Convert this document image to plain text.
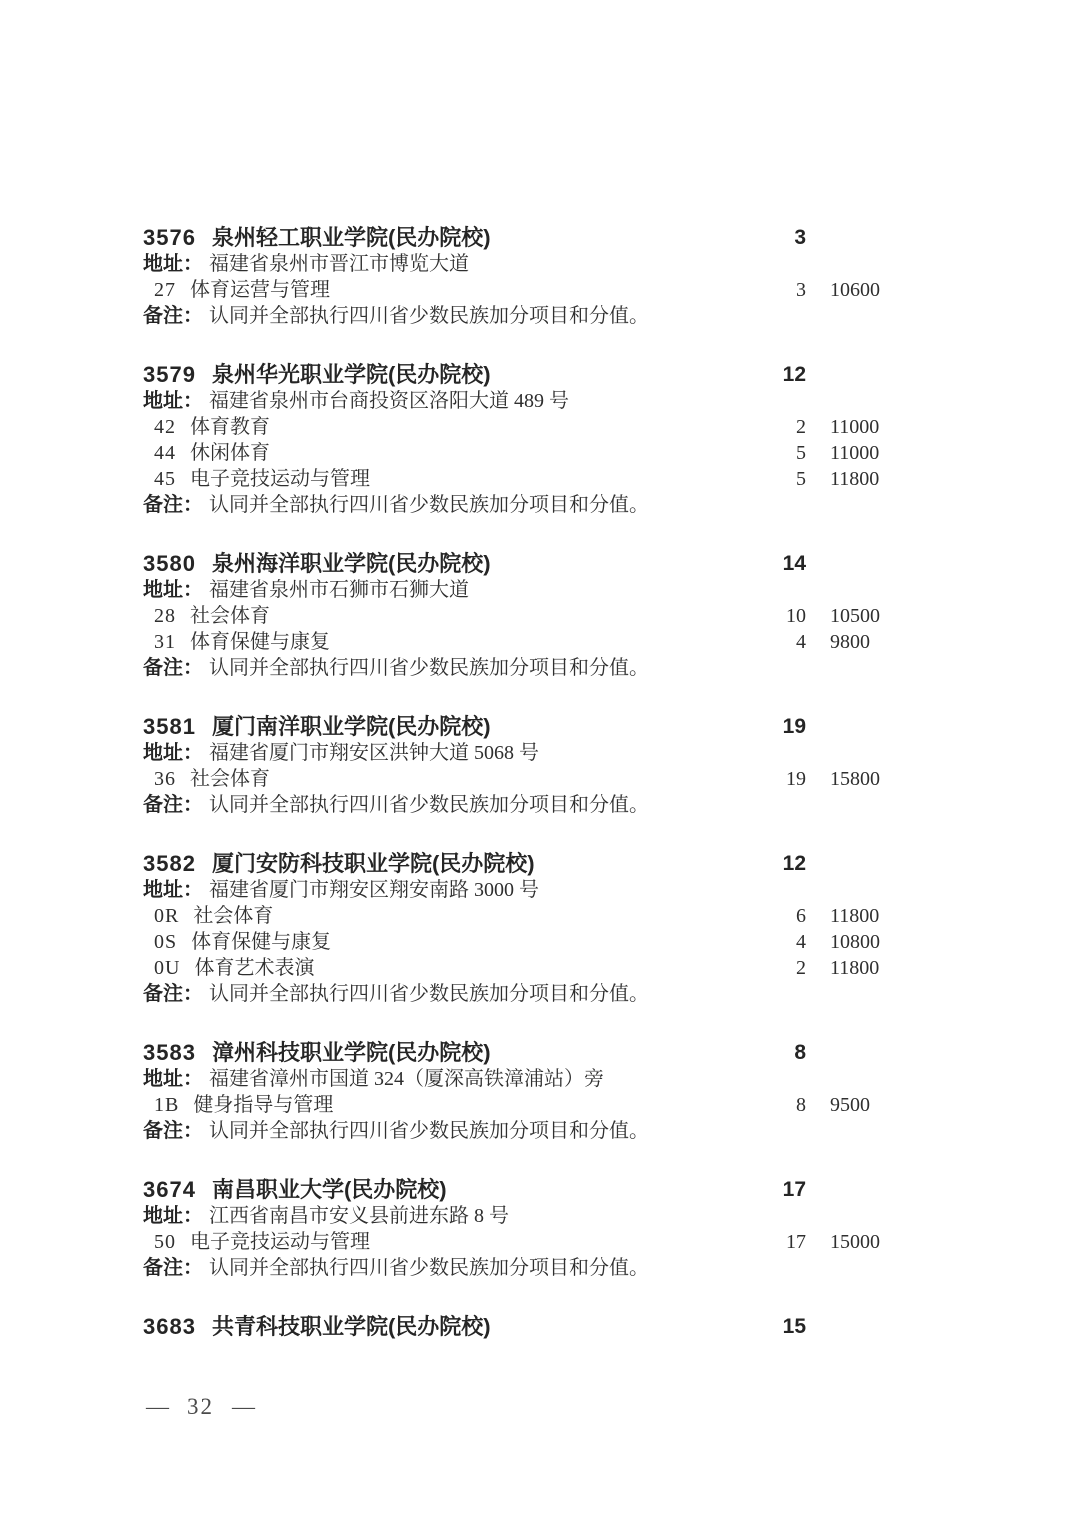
3576 泉州轻工职业学院(民办院校)	3
地址： 福建省泉州市晋江市博览大道
27 体育运营与管理	3 10600
备注： 认同并全部执行四川省少数民族加分项目和分值。
3579 泉州华光职业学院(民办院校)	12
地址： 福建省泉州市台商投资区洛阳大道 489 号
42 体育教育	2 11000
44 休闲体育	5 11000
45 电子竞技运动与管理	5 11800
备注： 认同并全部执行四川省少数民族加分项目和分值。
3580 泉州海洋职业学院(民办院校)	14
地址： 福建省泉州市石狮市石狮大道
28 社会体育	10 10500
31 体育保健与康复	4 9800
备注： 认同并全部执行四川省少数民族加分项目和分值。
3581 厦门南洋职业学院(民办院校)	19
地址： 福建省厦门市翔安区洪钟大道 5068 号
36 社会体育	19 15800
备注： 认同并全部执行四川省少数民族加分项目和分值。
3582 厦门安防科技职业学院(民办院校)	12
地址： 福建省厦门市翔安区翔安南路 3000 号
0R 社会体育	6 11800
0S 体育保健与康复	4 10800
0U 体育艺术表演	2 11800
备注： 认同并全部执行四川省少数民族加分项目和分值。
3583 漳州科技职业学院(民办院校)	8
地址： 福建省漳州市国道 324（厦深高铁漳浦站）旁
1B 健身指导与管理	8 9500
备注： 认同并全部执行四川省少数民族加分项目和分值。
3674 南昌职业大学(民办院校)	17
地址： 江西省南昌市安义县前进东路 8 号
50 电子竞技运动与管理	17 15000
备注： 认同并全部执行四川省少数民族加分项目和分值。
3683 共青科技职业学院(民办院校)	15
— 32 —
